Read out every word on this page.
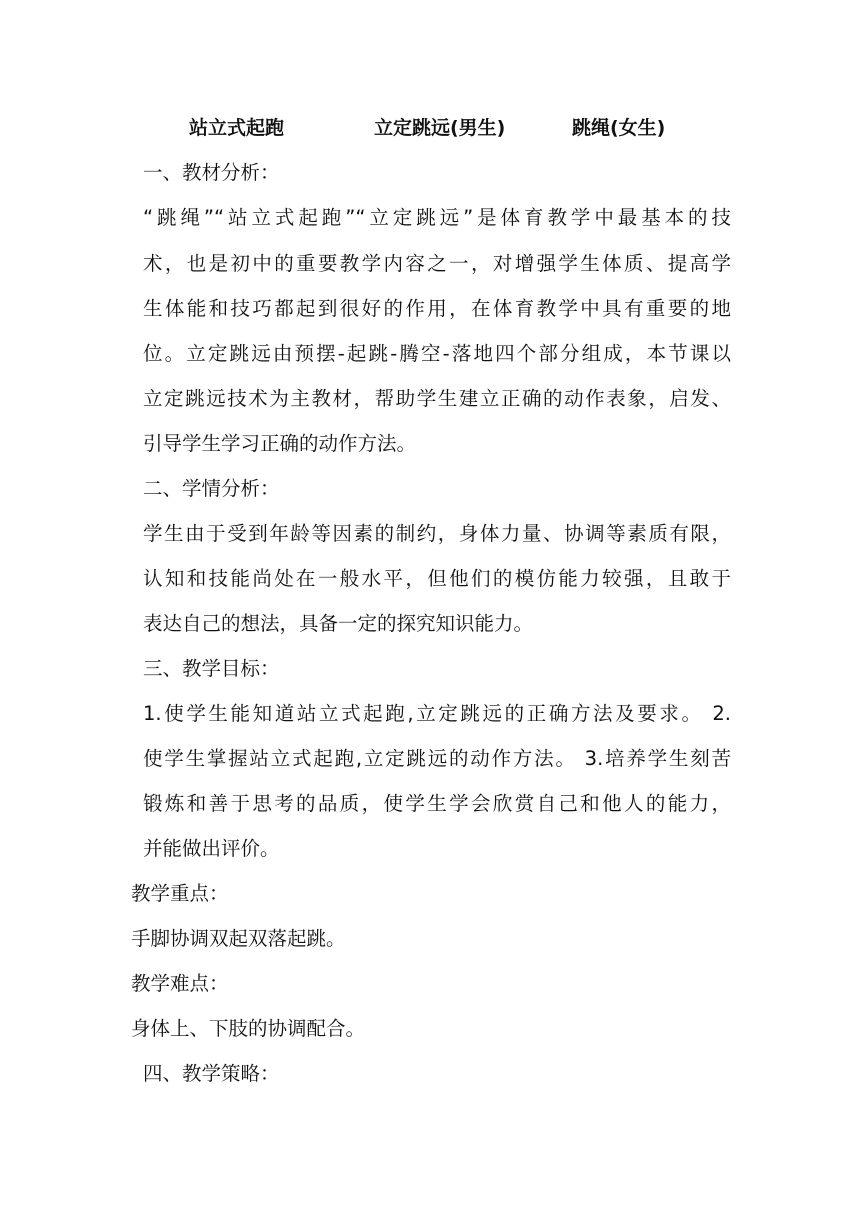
站立式起跑	立定跳远(男生)	跳绳(女生)
一、教材分析：
“跳绳”“站立式起跑”“立定跳远”是体育教学中最基本的技
术，也是初中的重要教学内容之一，对增强学生体质、提高学
生体能和技巧都起到很好的作用，在体育教学中具有重要的地
位。立定跳远由预摆-起跳-腾空-落地四个部分组成，本节课以
立定跳远技术为主教材，帮助学生建立正确的动作表象，启发、
引导学生学习正确的动作方法。
二、学情分析：
学生由于受到年龄等因素的制约，身体力量、协调等素质有限，
认知和技能尚处在一般水平，但他们的模仿能力较强，且敢于
表达自己的想法，具备一定的探究知识能力。
三、教学目标：
1.使学生能知道站立式起跑,立定跳远的正确方法及要求。 2.
使学生掌握站立式起跑,立定跳远的动作方法。 3.培养学生刻苦
锻炼和善于思考的品质，使学生学会欣赏自己和他人的能力，
并能做出评价。
教学重点：
手脚协调双起双落起跳。
教学难点：
身体上、下肢的协调配合。
四、教学策略：
